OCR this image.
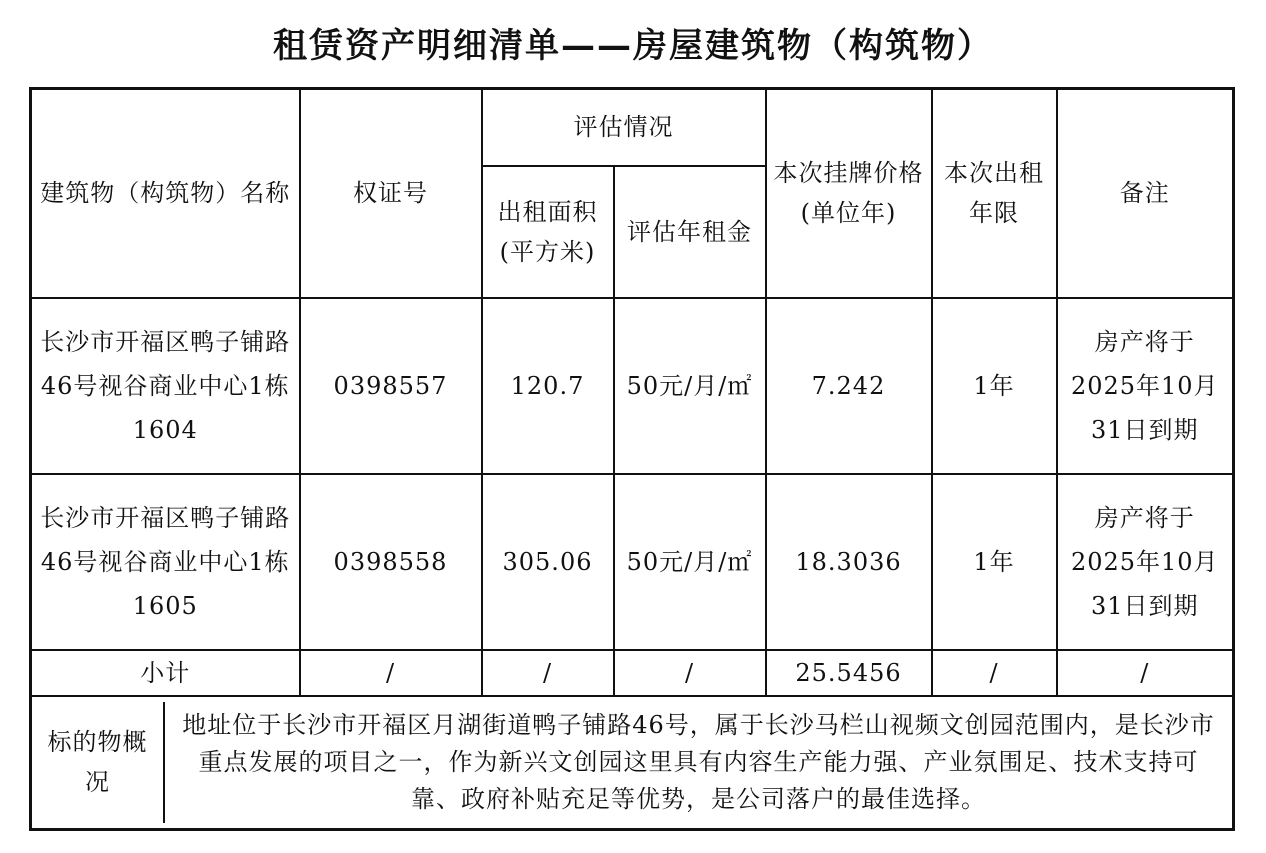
租赁资产明细清单——房屋建筑物（构筑物）
建筑物（构筑物）名称	权证号	评估情况	本次挂牌价格(单位年)	本次出租年限	备注
出租面积(平方米)	评估年租金
长沙市开福区鸭子铺路46号视谷商业中心1栋1604	0398557	120.7	50元/月/㎡	7.242	1年	房产将于2025年10月31日到期
长沙市开福区鸭子铺路46号视谷商业中心1栋1605	0398558	305.06	50元/月/㎡	18.3036	1年	房产将于2025年10月31日到期
小计	/	/	/	25.5456	/	/

标的物概况	地址位于长沙市开福区月湖街道鸭子铺路46号，属于长沙马栏山视频文创园范围内，是长沙市重点发展的项目之一，作为新兴文创园这里具有内容生产能力强、产业氛围足、技术支持可靠、政府补贴充足等优势，是公司落户的最佳选择。
